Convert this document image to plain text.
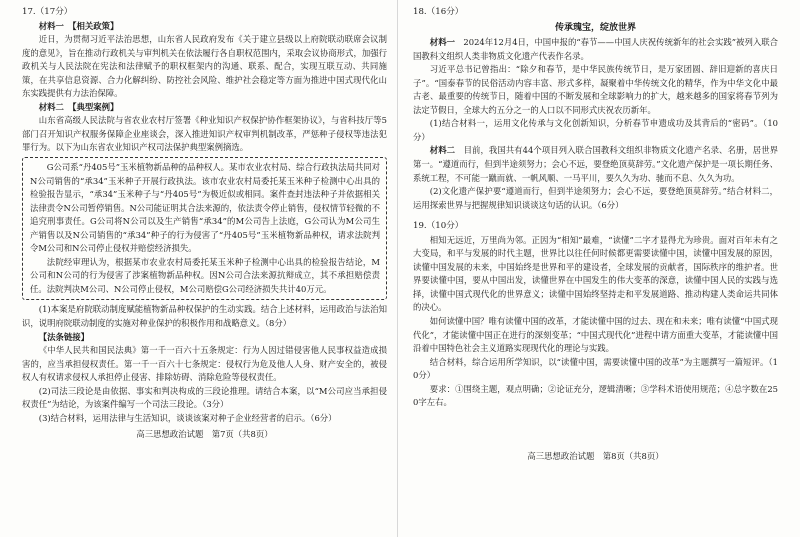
17.（17分）

材料一　【相关政策】

近日，为贯彻习近平法治思想，山东省人民政府发布《关于建立县级以上府院联动联席会议制度的意见》，旨在推动行政机关与审判机关在依法履行各自职权范围内，采取会议协商形式，加强行政机关与人民法院在宪法和法律赋予的职权框架内的沟通、联系、配合，实现互联互动、共同施策，在共享信息资源、合力化解纠纷、防控社会风险、维护社会稳定等方面为推进中国式现代化山东实践提供有力法治保障。

材料二　【典型案例】

山东省高级人民法院与省农业农村厅签署《种业知识产权保护协作框架协议》，与省科技厅等5部门召开知识产权服务保障企业座谈会，深入推进知识产权审判机制改革，严惩种子侵权等违法犯罪行为。以下为山东省农业知识产权司法保护典型案例摘选。

G公司系“丹405号”玉米植物新品种的品种权人。某市农业农村局、综合行政执法局共同对N公司销售的“承34”玉米种子开展行政执法。该市农业农村局委托某玉米种子检测中心出具的检验报告显示，“承34”玉米种子与“丹405号”为极近似或相同。案件查封违法种子并依据相关法律责令N公司暂停销售。N公司能证明其合法来源的，依法责令停止销售，侵权情节轻微的不追究刑事责任。G公司将N公司以及生产销售“承34”的M公司告上法庭，G公司认为M公司生产销售以及N公司销售的“承34”种子的行为侵害了“丹405号”玉米植物新品种权，请求法院判令M公司和N公司停止侵权并赔偿经济损失。

法院经审理认为，根据某市农业农村局委托某玉米种子检测中心出具的检验报告结论，M公司和N公司的行为侵害了涉案植物新品种权。因N公司合法来源抗辩成立，其不承担赔偿责任。法院判决M公司、N公司停止侵权，M公司赔偿G公司经济损失共计40万元。

(1)本案是府院联动制度赋能植物新品种权保护的生动实践。结合上述材料，运用政治与法治知识，说明府院联动制度的实施对种业保护的积极作用和战略意义。（8分）

【法条链接】

《中华人民共和国民法典》第一千一百六十五条规定：行为人因过错侵害他人民事权益造成损害的，应当承担侵权责任。第一千一百六十七条规定：侵权行为危及他人人身、财产安全的，被侵权人有权请求侵权人承担停止侵害、排除妨碍、消除危险等侵权责任。

(2)司法三段论是由依据、事实和判决构成的三段论推理。请结合本案，以“M公司应当承担侵权责任”为结论，为该案件编写一个司法三段论。（3分）

(3)结合材料，运用法律与生活知识，谈谈该案对种子企业经营者的启示。（6分）

高三思想政治试题　第7页（共8页）

18.（16分）

传承瑰宝，绽放世界

材料一　 2024年12月4日，中国申报的“春节——中国人庆祝传统新年的社会实践”被列入联合国教科文组织人类非物质文化遗产代表作名录。

习近平总书记曾指出：“除夕和春节，是中华民族传统节日，是万家团圆、辞旧迎新的喜庆日子”。“国泰春节的民俗活动内容丰富、形式多样，凝聚着中华传统文化的精华，作为中华文化中最古老、最重要的传统节日，随着中国的不断发展和全球影响力的扩大，越来越多的国家将春节列为法定节假日，全球大约五分之一的人口以不同形式庆祝农历新年。

(1)结合材料一，运用文化传承与文化创新知识，分析春节申遗成功及其背后的“密码”。（10分）

材料二　 目前，我国共有44个项目列入联合国教科文组织非物质文化遗产名录、名册，居世界第一。“遵道而行，但到半途须努力；会心不远，要登绝顶莫辞劳。”文化遗产保护是一项长期任务、系统工程，不可能一蹴而就、一帆风顺、一马平川，要久久为功、驰而不息、久久为功。

(2)文化遗产保护要“遵道而行，但到半途须努力；会心不远，要登绝顶莫辞劳。”结合材料二，运用探索世界与把握规律知识谈谈这句话的认识。（6分）

19.（10分）

相知无远近，万里尚为邻。正因为“相知”最难，“读懂”二字才显得尤为珍贵。面对百年未有之大变局，和平与发展的时代主题，世界比以往任何时候都更需要读懂中国，读懂中国发展的原因，读懂中国发展的未来，中国始终是世界和平的建设者，全球发展的贡献者，国际秩序的维护者。世界要读懂中国，要从中国出发，读懂世界在中国发生的伟大变革的深意，读懂中国人民的实践与选择，读懂中国式现代化的世界意义；读懂中国始终坚持走和平发展道路、推动构建人类命运共同体的决心。

如何读懂中国？唯有读懂中国的改革，才能读懂中国的过去、现在和未来；唯有读懂“中国式现代化”，才能读懂中国正在进行的深刻变革；“中国式现代化”进程中请方面重大变革，才能读懂中国沿着中国特色社会主义道路实现现代化的理论与实践。

结合材料，综合运用所学知识，以“读懂中国，需要读懂中国的改革”为主题撰写一篇短评。（10分）

要求：①围绕主题，观点明确；②论证充分，逻辑清晰；③学科术语使用规范；④总字数在250字左右。

高三思想政治试题　第8页（共8页）
